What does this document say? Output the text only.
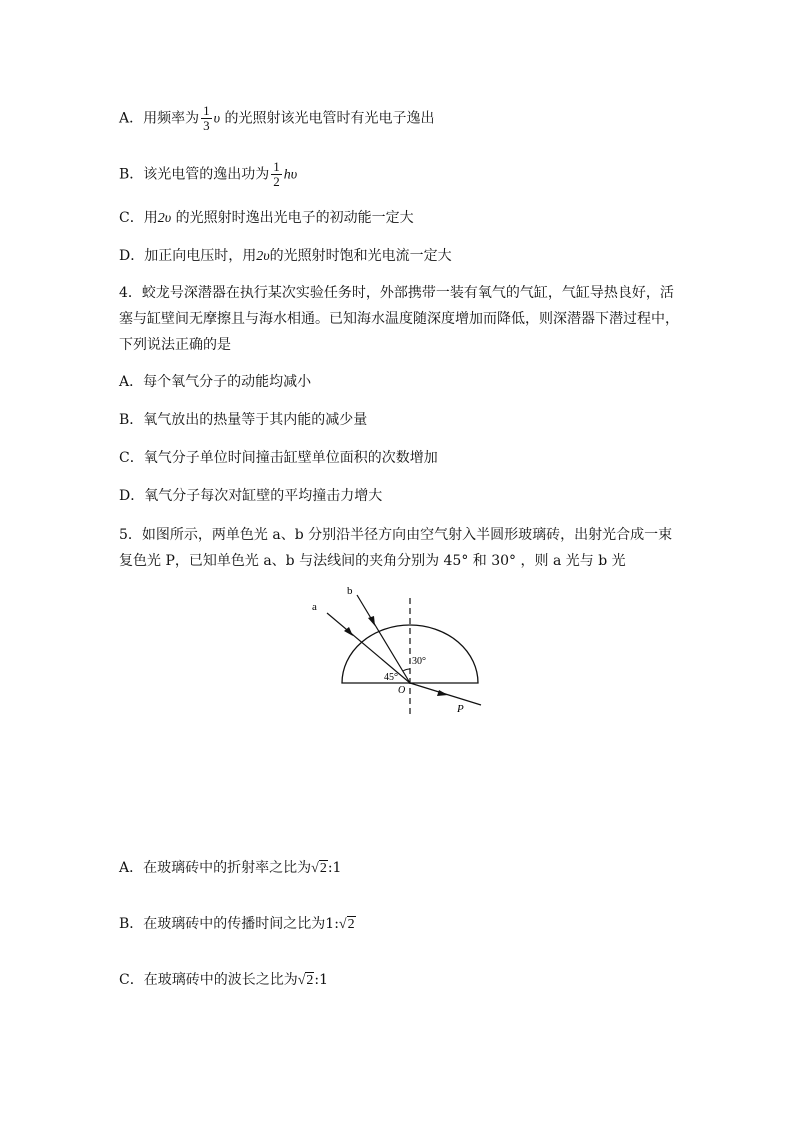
A．用频率为 $\frac{1}{3}$ υ 的光照射该光电管时有光电子逸出
B．该光电管的逸出功为 $\frac{1}{2}$ hυ
C．用2υ 的光照射时逸出光电子的初动能一定大
D．加正向电压时，用2υ的光照射时饱和光电流一定大
4．蛟龙号深潜器在执行某次实验任务时，外部携带一装有氧气的气缸，气缸导热良好，活塞与缸壁间无摩擦且与海水相通。已知海水温度随深度增加而降低，则深潜器下潜过程中，下列说法正确的是
A．每个氧气分子的动能均减小
B．氧气放出的热量等于其内能的减少量
C．氧气分子单位时间撞击缸壁单位面积的次数增加
D．氧气分子每次对缸壁的平均撞击力增大
5．如图所示，两单色光 a、b 分别沿半径方向由空气射入半圆形玻璃砖，出射光合成一束复色光 P，已知单色光 a、b 与法线间的夹角分别为 45° 和 30° ，则 a 光与 b 光
a
b
30°
45°
O
P
A．在玻璃砖中的折射率之比为√2:1
B．在玻璃砖中的传播时间之比为1:√2
C．在玻璃砖中的波长之比为√2:1
